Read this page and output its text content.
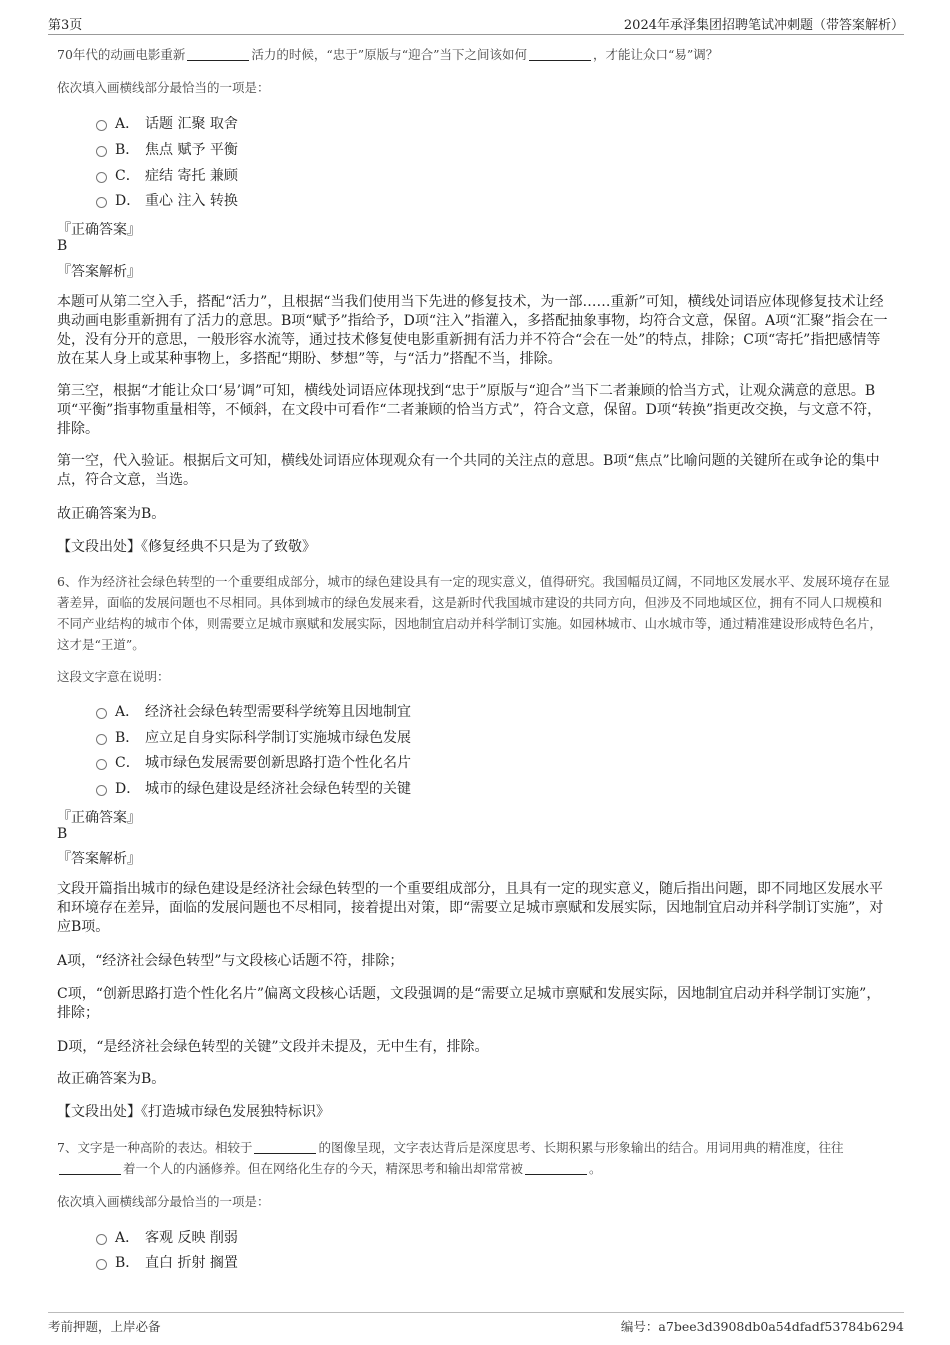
第3页	2024年承泽集团招聘笔试冲刺题（带答案解析）
70年代的动画电影重新	活力的时候，“忠于”原版与“迎合”当下之间该如何	，才能让众口“易”调？
依次填入画横线部分最恰当的一项是：
A． 话题 汇聚 取舍
B． 焦点 赋予 平衡
C． 症结 寄托 兼顾
D． 重心 注入 转换
『正确答案』
B
『答案解析』
本题可从第二空入手，搭配“活力”，且根据“当我们使用当下先进的修复技术，为一部……重新”可知，横线处词语应体现修复技术让经典动画电影重新拥有了活力的意思。B项“赋予”指给予，D项“注入”指灌入，多搭配抽象事物，均符合文意，保留。A项“汇聚”指会在一处，没有分开的意思，一般形容水流等，通过技术修复使电影重新拥有活力并不符合“会在一处”的特点，排除；C项“寄托”指把感情等放在某人身上或某种事物上，多搭配“期盼、梦想”等，与“活力”搭配不当，排除。
第三空，根据“才能让众口‘易’调”可知，横线处词语应体现找到“忠于”原版与“迎合”当下二者兼顾的恰当方式，让观众满意的意思。B项“平衡”指事物重量相等，不倾斜，在文段中可看作“二者兼顾的恰当方式”，符合文意，保留。D项“转换”指更改交换，与文意不符，排除。
第一空，代入验证。根据后文可知，横线处词语应体现观众有一个共同的关注点的意思。B项“焦点”比喻问题的关键所在或争论的集中点，符合文意，当选。
故正确答案为B。
【文段出处】《修复经典不只是为了致敬》
6、作为经济社会绿色转型的一个重要组成部分，城市的绿色建设具有一定的现实意义，值得研究。我国幅员辽阔，不同地区发展水平、发展环境存在显著差异，面临的发展问题也不尽相同。具体到城市的绿色发展来看，这是新时代我国城市建设的共同方向，但涉及不同地域区位，拥有不同人口规模和不同产业结构的城市个体，则需要立足城市禀赋和发展实际，因地制宜启动并科学制订实施。如园林城市、山水城市等，通过精准建设形成特色名片，这才是“王道”。
这段文字意在说明：
A． 经济社会绿色转型需要科学统筹且因地制宜
B． 应立足自身实际科学制订实施城市绿色发展
C． 城市绿色发展需要创新思路打造个性化名片
D． 城市的绿色建设是经济社会绿色转型的关键
『正确答案』
B
『答案解析』
文段开篇指出城市的绿色建设是经济社会绿色转型的一个重要组成部分，且具有一定的现实意义，随后指出问题，即不同地区发展水平和环境存在差异，面临的发展问题也不尽相同，接着提出对策，即“需要立足城市禀赋和发展实际，因地制宜启动并科学制订实施”，对应B项。
A项，“经济社会绿色转型”与文段核心话题不符，排除；
C项，“创新思路打造个性化名片”偏离文段核心话题，文段强调的是“需要立足城市禀赋和发展实际，因地制宜启动并科学制订实施”，排除；
D项，“是经济社会绿色转型的关键”文段并未提及，无中生有，排除。
故正确答案为B。
【文段出处】《打造城市绿色发展独特标识》
7、文字是一种高阶的表达。相较于	的图像呈现，文字表达背后是深度思考、长期积累与形象输出的结合。用词用典的精准度，往往着一个人的内涵修养。但在网络化生存的今天，精深思考和输出却常常被	。
依次填入画横线部分最恰当的一项是：
A． 客观 反映 削弱
B． 直白 折射 搁置
考前押题，上岸必备	编号：a7bee3d3908db0a54dfadf53784b6294
